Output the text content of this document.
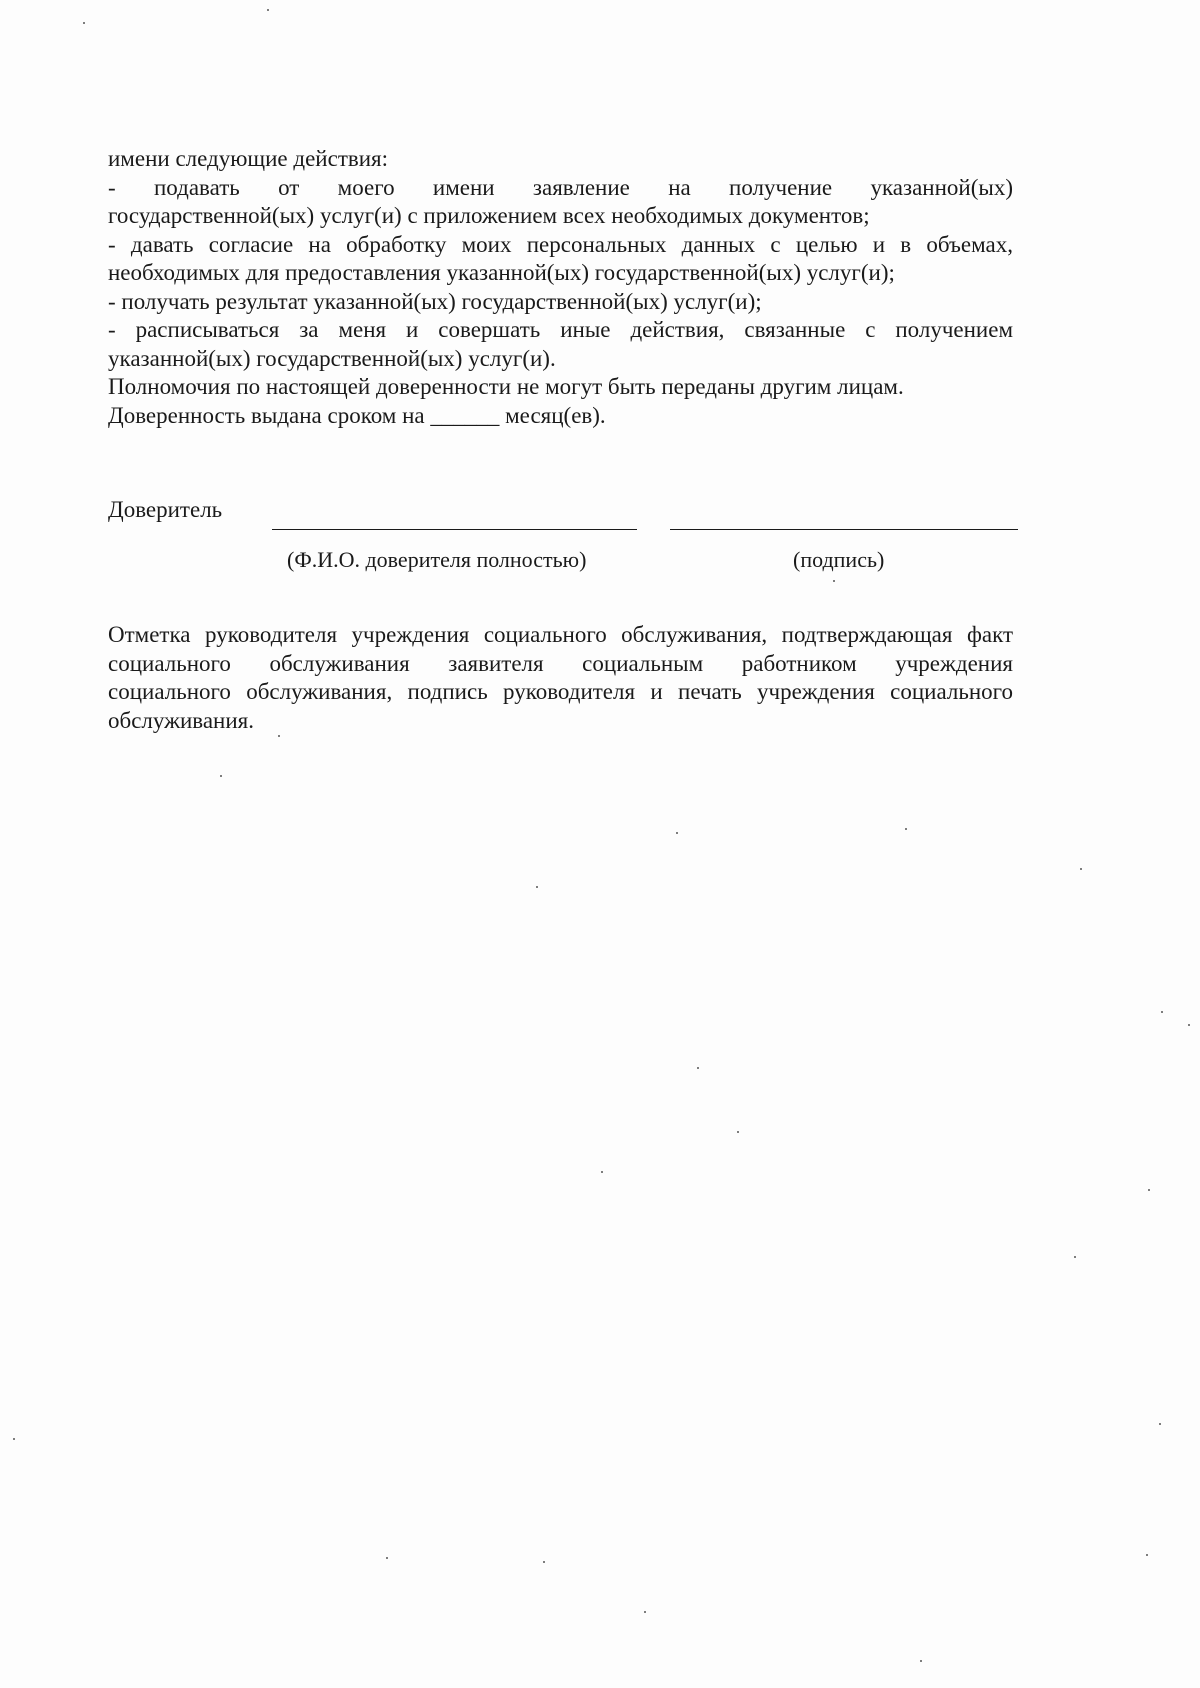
имени следующие действия:
- подавать от моего имени заявление на получение указанной(ых)
государственной(ых) услуг(и) с приложением всех необходимых документов;
- давать согласие на обработку моих персональных данных с целью и в объемах,
необходимых для предоставления указанной(ых) государственной(ых) услуг(и);
- получать результат указанной(ых) государственной(ых) услуг(и);
- расписываться за меня и совершать иные действия, связанные с получением
указанной(ых) государственной(ых) услуг(и).
Полномочия по настоящей доверенности не могут быть переданы другим лицам.
Доверенность выдана сроком на ______ месяц(ев).
Доверитель
(Ф.И.О. доверителя полностью)	(подпись)
Отметка руководителя учреждения социального обслуживания, подтверждающая факт
социального обслуживания заявителя социальным работником учреждения
социального обслуживания, подпись руководителя и печать учреждения социального
обслуживания.
